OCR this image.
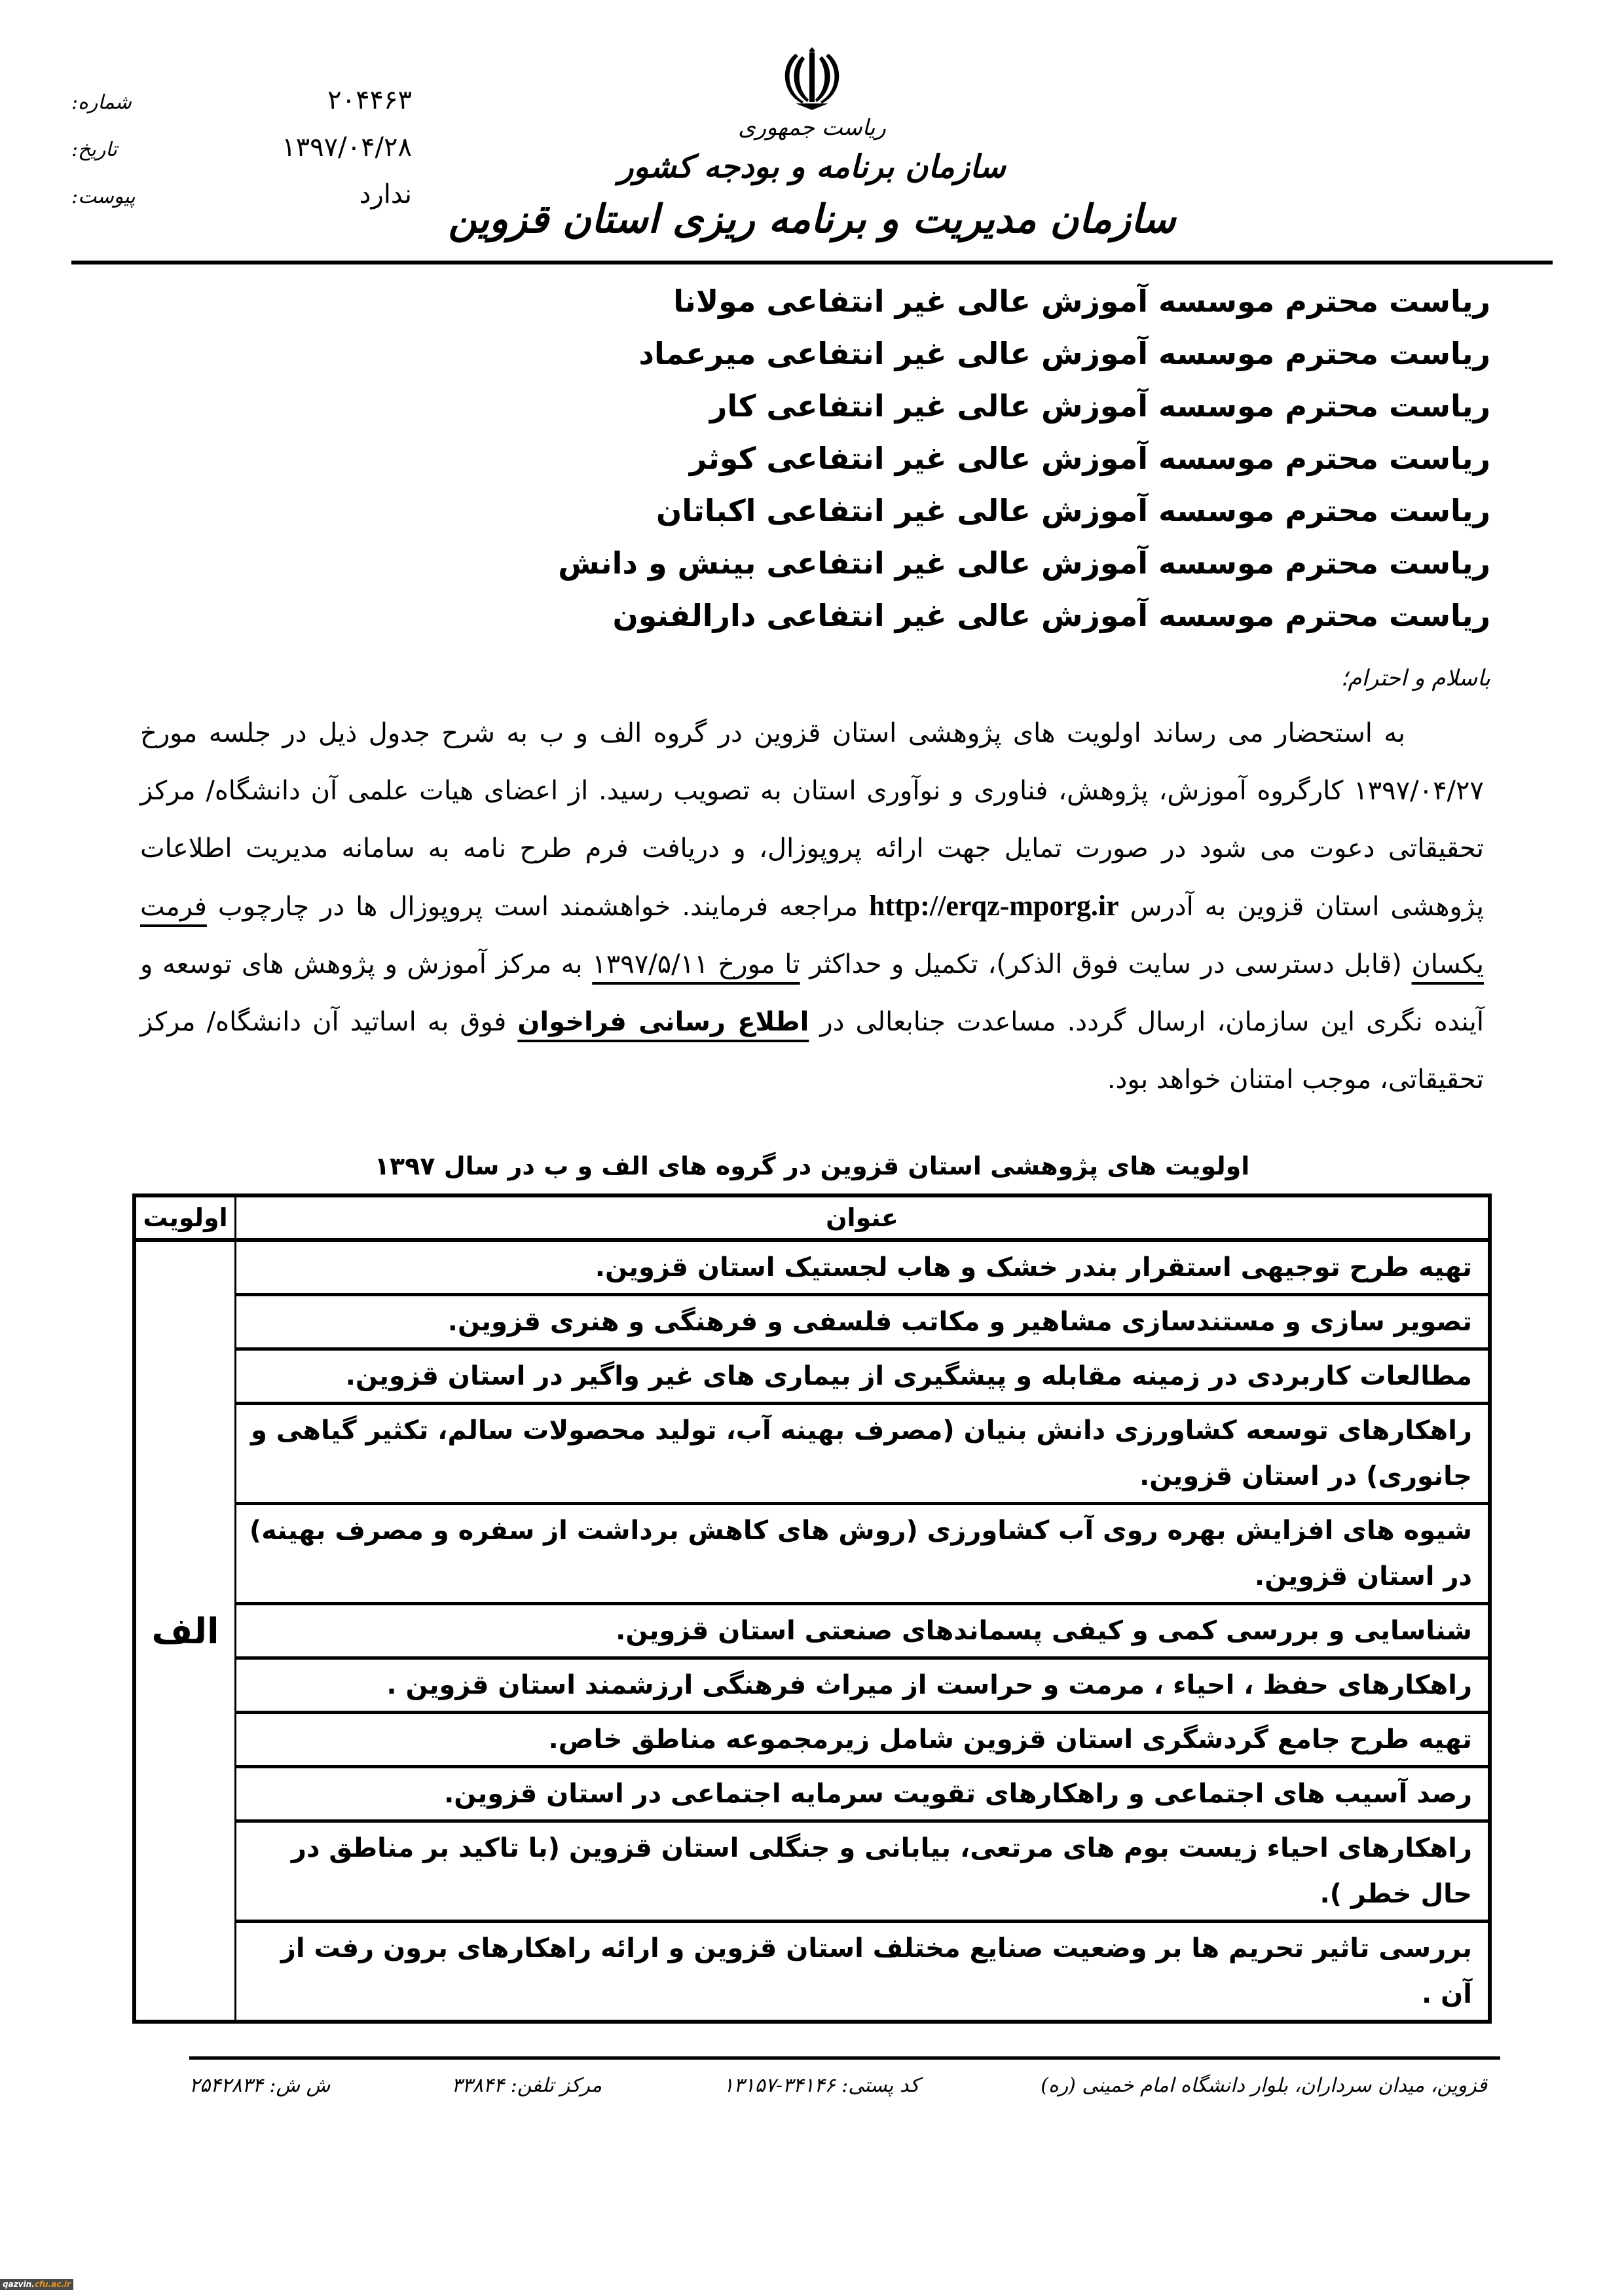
شماره:	۲۰۴۴۶۳
تاریخ:	۱۳۹۷/۰۴/۲۸
پیوست:	ندارد
ریاست جمهوری
سازمان برنامه و بودجه کشور
سازمان مدیریت و برنامه ریزی استان قزوین
ریاست محترم موسسه آموزش عالی غیر انتفاعی مولانا
ریاست محترم موسسه آموزش عالی غیر انتفاعی میرعماد
ریاست محترم موسسه آموزش عالی غیر انتفاعی کار
ریاست محترم موسسه آموزش عالی غیر انتفاعی کوثر
ریاست محترم موسسه آموزش عالی غیر انتفاعی اکباتان
ریاست محترم موسسه آموزش عالی غیر انتفاعی بینش و دانش
ریاست محترم موسسه آموزش عالی غیر انتفاعی دارالفنون
باسلام و احترام؛
به استحضار می رساند اولویت های پژوهشی استان قزوین در گروه الف و ب به شرح جدول ذیل در جلسه مورخ ۱۳۹۷/۰۴/۲۷ کارگروه آموزش، پژوهش، فناوری و نوآوری استان به تصویب رسید. از اعضای هیات علمی آن دانشگاه/ مرکز تحقیقاتی دعوت می شود در صورت تمایل جهت ارائه پروپوزال، و دریافت فرم طرح نامه به سامانه مدیریت اطلاعات پژوهشی استان قزوین به آدرس http://erqz-mporg.ir مراجعه فرمایند. خواهشمند است پروپوزال ها در چارچوب فرمت یکسان (قابل دسترسی در سایت فوق الذکر)، تکمیل و حداکثر تا مورخ ۱۳۹۷/۵/۱۱ به مرکز آموزش و پژوهش های توسعه و آینده نگری این سازمان، ارسال گردد. مساعدت جنابعالی در اطلاع رسانی فراخوان فوق به اساتید آن دانشگاه/ مرکز تحقیقاتی، موجب امتنان خواهد بود.
اولویت های پژوهشی استان قزوین در گروه های الف و ب در سال ۱۳۹۷
عنوان	اولویت
تهیه طرح توجیهی استقرار بندر خشک و هاب لجستیک استان قزوین.	الف
تصویر سازی و مستندسازی مشاهیر و مکاتب فلسفی و فرهنگی و هنری قزوین.	
مطالعات کاربردی در زمینه مقابله و پیشگیری از بیماری های غیر واگیر در استان قزوین.	
راهکارهای توسعه کشاورزی دانش بنیان (مصرف بهینه آب، تولید محصولات سالم، تکثیر گیاهی و جانوری) در استان قزوین.	
شیوه های افزایش بهره روی آب کشاورزی (روش های کاهش برداشت از سفره و مصرف بهینه) در استان قزوین.	
شناسایی و بررسی کمی و کیفی پسماندهای صنعتی استان قزوین.	
راهکارهای حفظ ، احیاء ، مرمت و حراست از میراث فرهنگی ارزشمند استان قزوین .	
تهیه طرح جامع گردشگری استان قزوین شامل زیرمجموعه مناطق خاص.	
رصد آسیب های اجتماعی و راهکارهای تقویت سرمایه اجتماعی در استان قزوین.	
راهکارهای احیاء زیست بوم های مرتعی، بیابانی و جنگلی استان قزوین (با تاکید بر مناطق در حال خطر ).	
بررسی تاثیر تحریم ها بر وضعیت صنایع مختلف استان قزوین و ارائه راهکارهای برون رفت از آن .	
قزوین، میدان سرداران، بلوار دانشگاه امام خمینی (ره)
کد پستی: ۳۴۱۴۶-۱۳۱۵۷
مرکز تلفن: ۳۳۸۴۴
ش ش: ۲۵۴۲۸۳۴
qazvin.cfu.ac.ir
